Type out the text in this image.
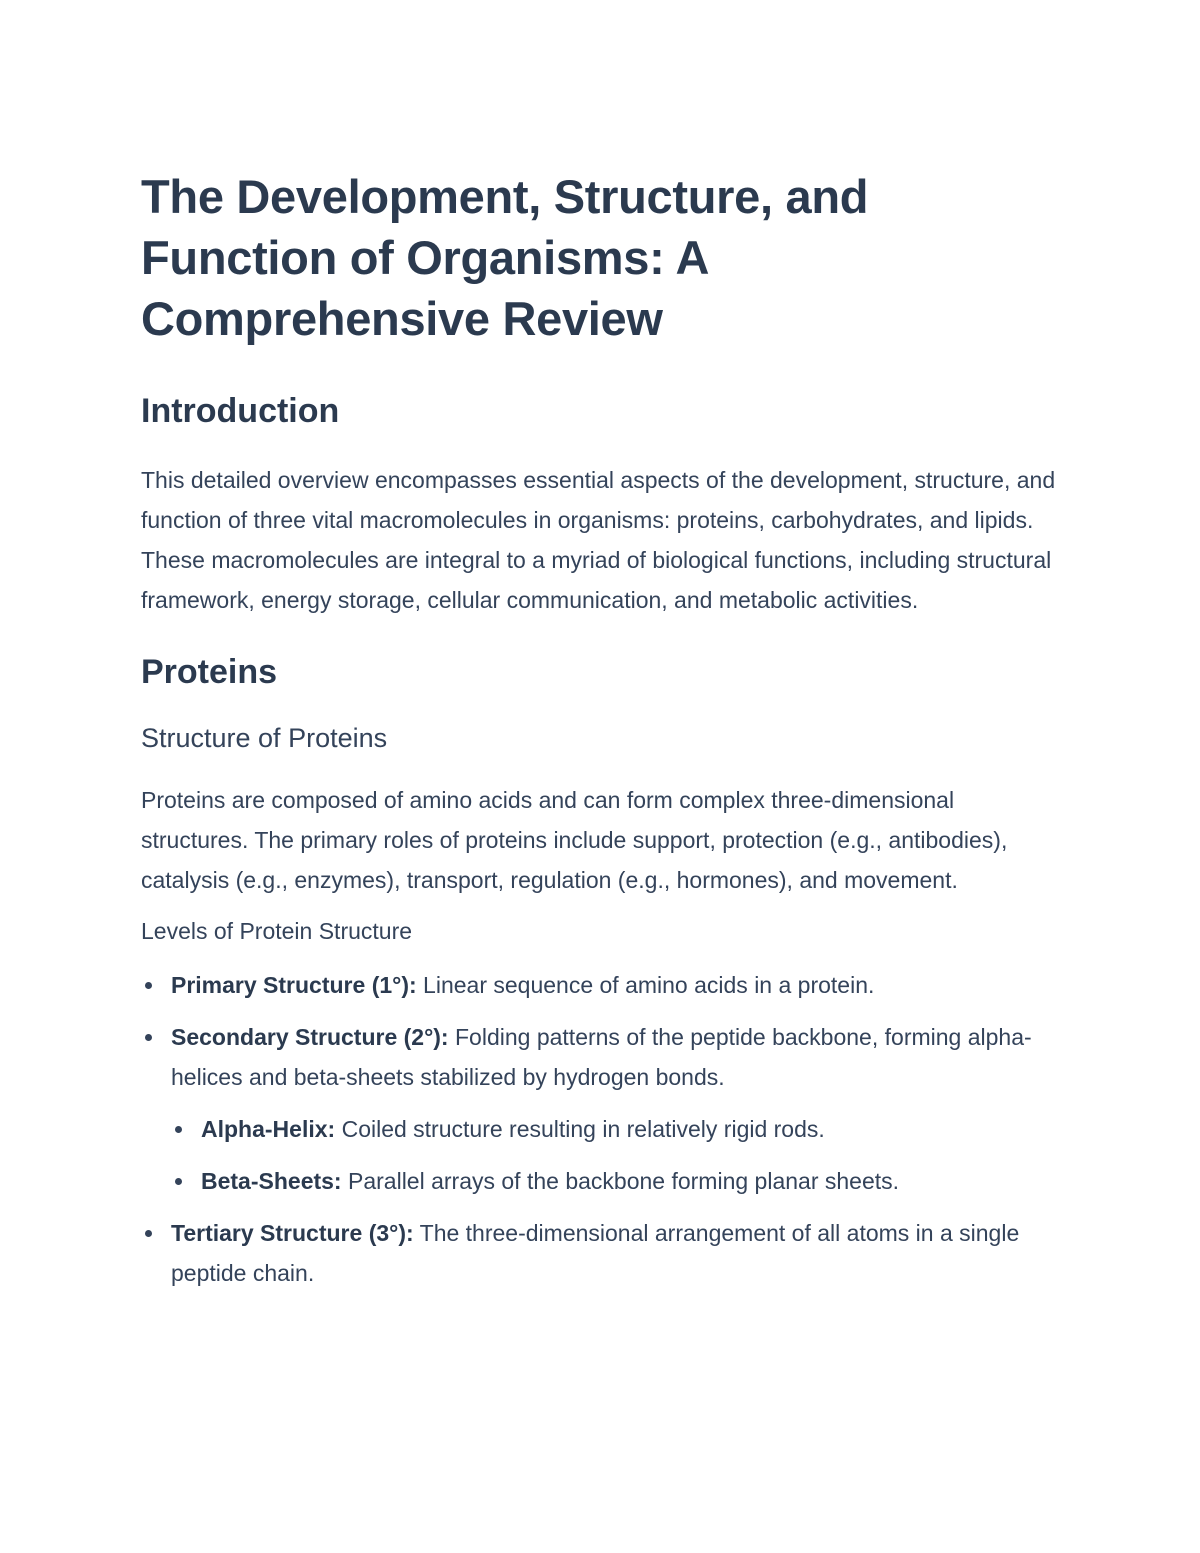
The Development, Structure, and Function of Organisms: A Comprehensive Review
Introduction

This detailed overview encompasses essential aspects of the development, structure, and function of three vital macromolecules in organisms: proteins, carbohydrates, and lipids. These macromolecules are integral to a myriad of biological functions, including structural framework, energy storage, cellular communication, and metabolic activities.

Proteins
Structure of Proteins

Proteins are composed of amino acids and can form complex three-dimensional structures. The primary roles of proteins include support, protection (e.g., antibodies), catalysis (e.g., enzymes), transport, regulation (e.g., hormones), and movement.

Levels of Protein Structure
Primary Structure (1°): Linear sequence of amino acids in a protein.
Secondary Structure (2°): Folding patterns of the peptide backbone, forming alpha-helices and beta-sheets stabilized by hydrogen bonds.
Alpha-Helix: Coiled structure resulting in relatively rigid rods.
Beta-Sheets: Parallel arrays of the backbone forming planar sheets.
Tertiary Structure (3°): The three-dimensional arrangement of all atoms in a single peptide chain.
